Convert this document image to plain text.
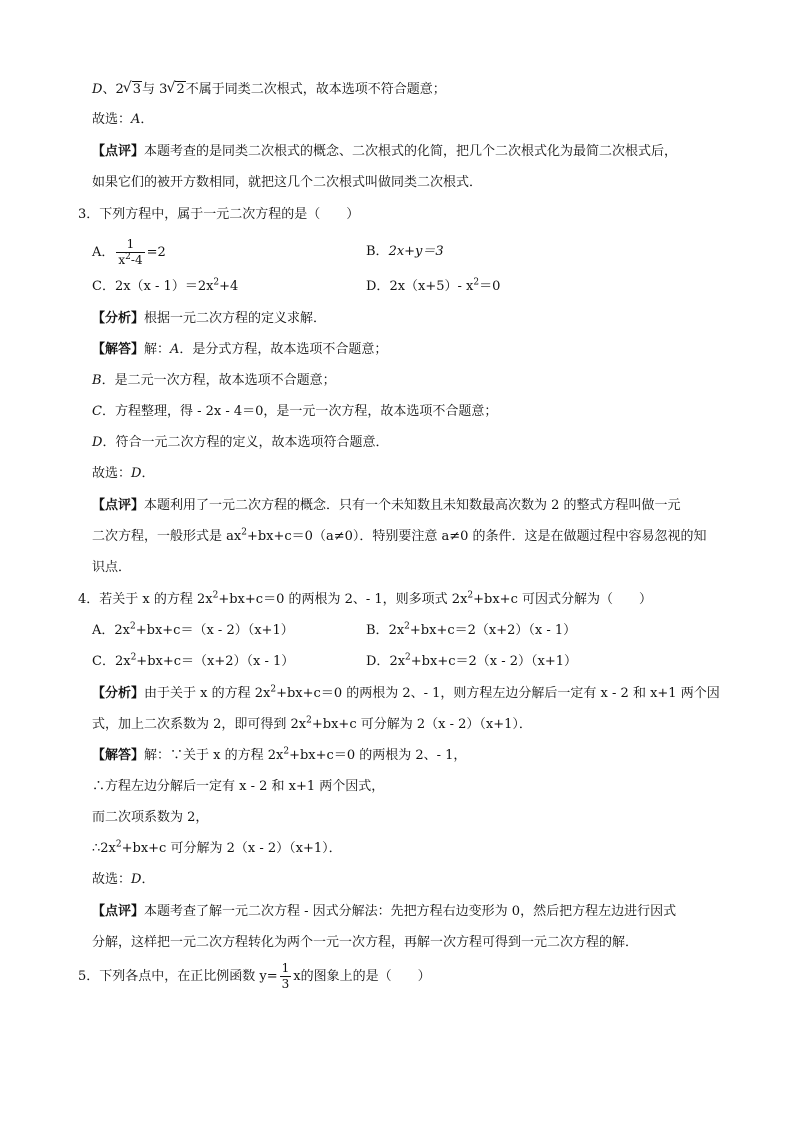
D、2 √ 3与 3 √ 2不属于同类二次根式，故本选项不符合题意；
故选：A．
【点评】本题考查的是同类二次根式的概念、二次根式的化简，把几个二次根式化为最简二次根式后，
如果它们的被开方数相同，就把这几个二次根式叫做同类二次根式．
3．下列方程中，属于一元二次方程的是（　　）
A． $\frac{1}{x^2-4} =2$	B．2x+y＝3
C．$2x(x - 1)=2x^2+4$	D．2x（x+5）- $x^2=0$
【分析】根据一元二次方程的定义求解．
【解答】解：A．是分式方程，故本选项不合题意；
B．是二元一次方程，故本选项不合题意；
C．方程整理，得 - 2x - 4＝0，是一元一次方程，故本选项不合题意；
D．符合一元二次方程的定义，故本选项符合题意．
故选：D．
【点评】本题利用了一元二次方程的概念．只有一个未知数且未知数最高次数为 2 的整式方程叫做一元
二次方程，一般形式是 $ax^2+bx+c=0(a\ne 0)$．特别要注意 a≠0 的条件．这是在做题过程中容易忽视的知
识点．
4．若关于 x 的方程 $2x^2+bx+c=0$ 的两根为 2、- 1，则多项式 $2x^2+bx+c$ 可因式分解为（　　）
A．$2x^2+bx+c=(x - 2)(x+1)$	B．$2x^2+bx+c=2(x+2)(x - 1)$
C．$2x^2+bx+c=(x+2)(x - 1)$	D．$2x^2+bx+c=2(x - 2)(x+1)$
【分析】由于关于 x 的方程 $2x^2+bx+c=0$ 的两根为 2、- 1，则方程左边分解后一定有 x - 2 和 x+1 两个因
式，加上二次系数为 2，即可得到 $2x^2+bx+c$ 可分解为 2（x - 2）（x+1）．
【解答】解：∵关于 x 的方程 $2x^2+bx+c=0$ 的两根为 2、- 1，
∴方程左边分解后一定有 x - 2 和 x+1 两个因式，
而二次项系数为 2，
$\therefore 2x^2+bx+c$ 可分解为 2（x - 2）（x+1）．
故选：D．
【点评】本题考查了解一元二次方程 - 因式分解法：先把方程右边变形为 0，然后把方程左边进行因式
分解，这样把一元二次方程转化为两个一元一次方程，再解一次方程可得到一元二次方程的解．
5．下列各点中，在正比例函数 $y= \frac{1}{3}$ x的图象上的是（　　）
